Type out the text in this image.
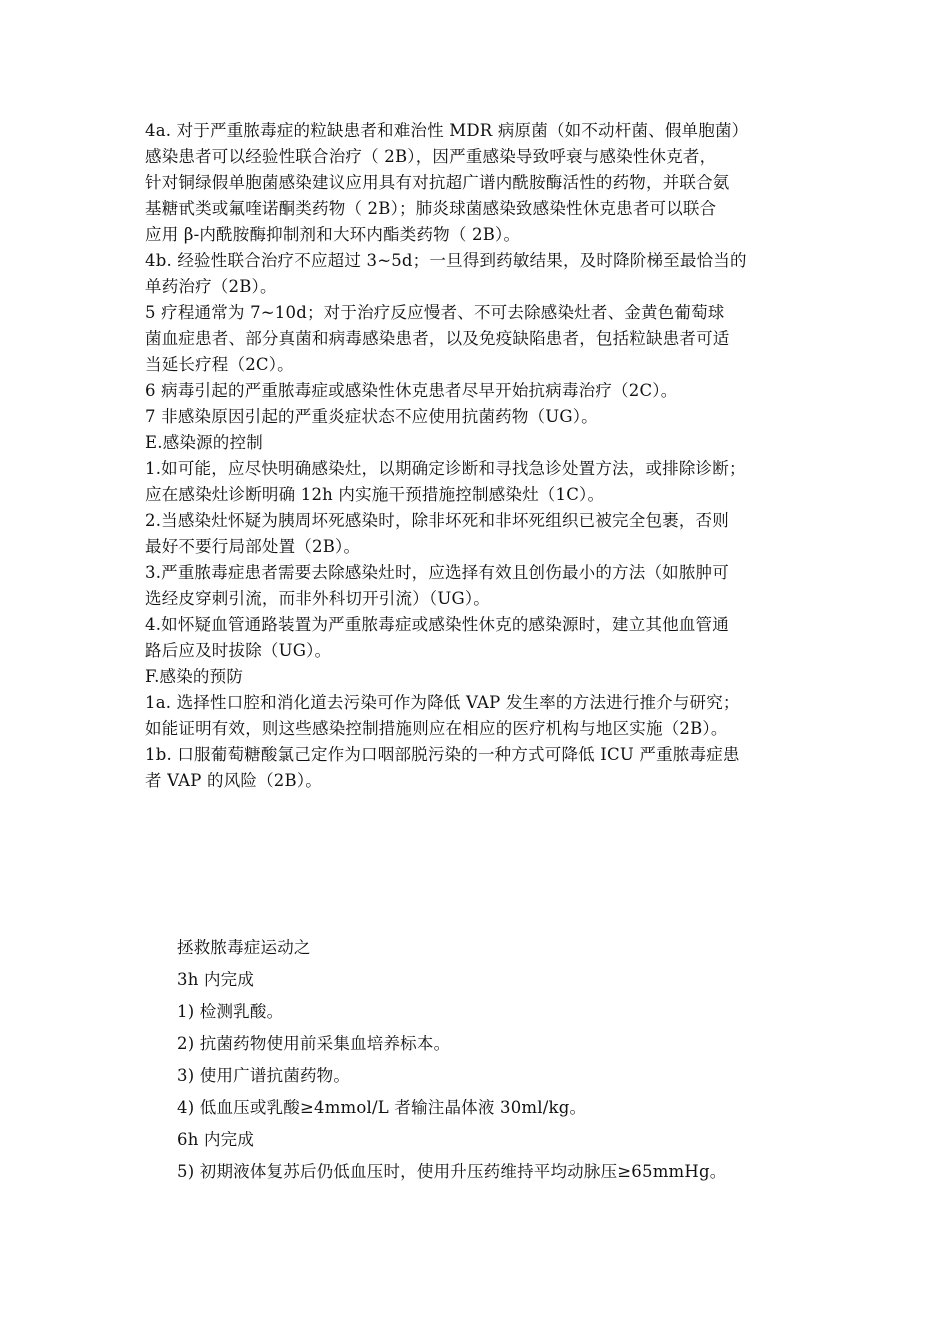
4a. 对于严重脓毒症的粒缺患者和难治性 MDR 病原菌（如不动杆菌、假单胞菌）
感染患者可以经验性联合治疗（ 2B），因严重感染导致呼衰与感染性休克者，
针对铜绿假单胞菌感染建议应用具有对抗超广谱内酰胺酶活性的药物，并联合氨
基糖甙类或氟喹诺酮类药物（ 2B）；肺炎球菌感染致感染性休克患者可以联合
应用 β-内酰胺酶抑制剂和大环内酯类药物（ 2B）。
4b. 经验性联合治疗不应超过 3~5d；一旦得到药敏结果，及时降阶梯至最恰当的
单药治疗（2B）。
5 疗程通常为 7~10d；对于治疗反应慢者、不可去除感染灶者、金黄色葡萄球
菌血症患者、部分真菌和病毒感染患者，以及免疫缺陷患者，包括粒缺患者可适
当延长疗程（2C）。
6 病毒引起的严重脓毒症或感染性休克患者尽早开始抗病毒治疗（2C）。
7 非感染原因引起的严重炎症状态不应使用抗菌药物（UG）。
E.感染源的控制
1.如可能，应尽快明确感染灶，以期确定诊断和寻找急诊处置方法，或排除诊断；
应在感染灶诊断明确 12h 内实施干预措施控制感染灶（1C）。
2.当感染灶怀疑为胰周坏死感染时，除非坏死和非坏死组织已被完全包裹，否则
最好不要行局部处置（2B）。
3.严重脓毒症患者需要去除感染灶时，应选择有效且创伤最小的方法（如脓肿可
选经皮穿刺引流，而非外科切开引流）（UG）。
4.如怀疑血管通路装置为严重脓毒症或感染性休克的感染源时，建立其他血管通
路后应及时拔除（UG）。
F.感染的预防
1a. 选择性口腔和消化道去污染可作为降低 VAP 发生率的方法进行推介与研究；
如能证明有效，则这些感染控制措施则应在相应的医疗机构与地区实施（2B）。
1b. 口服葡萄糖酸氯己定作为口咽部脱污染的一种方式可降低 ICU 严重脓毒症患
者 VAP 的风险（2B）。
拯救脓毒症运动之
3h 内完成
1) 检测乳酸。
2) 抗菌药物使用前采集血培养标本。
3) 使用广谱抗菌药物。
4) 低血压或乳酸≥4mmol/L 者输注晶体液 30ml/kg。
6h 内完成
5) 初期液体复苏后仍低血压时，使用升压药维持平均动脉压≥65mmHg。
